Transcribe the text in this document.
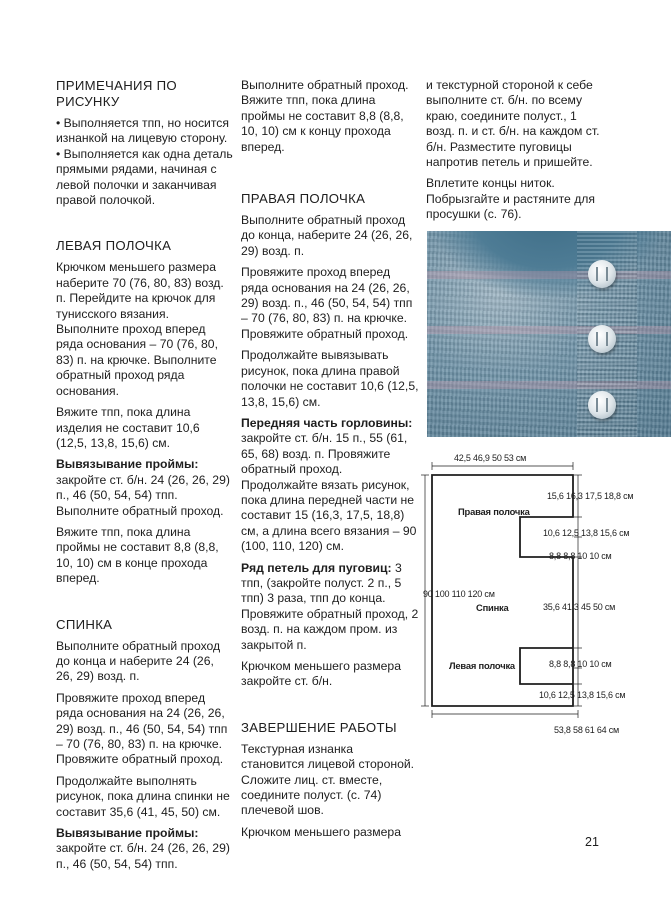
ПРИМЕЧАНИЯ ПО РИСУНКУ

• Выполняется тпп, но носится изнанкой на лицевую сторону.

• Выполняется как одна деталь прямыми рядами, начиная с левой полочки и заканчивая правой полочкой.

ЛЕВАЯ ПОЛОЧКА

Крючком меньшего размера наберите 70 (76, 80, 83) возд. п. Перейдите на крючок для тунисского вязания. Выполните проход вперед ряда основания – 70 (76, 80, 83) п. на крючке. Выполните обратный проход ряда основания.

Вяжите тпп, пока длина изделия не составит 10,6 (12,5, 13,8, 15,6) см.

Вывязывание проймы: закройте ст. б/н. 24 (26, 26, 29) п., 46 (50, 54, 54) тпп. Выполните обратный проход.

Вяжите тпп, пока длина проймы не составит 8,8 (8,8, 10, 10) см в конце прохода вперед.

СПИНКА

Выполните обратный проход до конца и наберите 24 (26, 26, 29) возд. п.

Провяжите проход вперед ряда основания на 24 (26, 26, 29) возд. п., 46 (50, 54, 54) тпп – 70 (76, 80, 83) п. на крючке. Провяжите обратный проход.

Продолжайте выполнять рисунок, пока длина спинки не составит 35,6 (41, 45, 50) см.

Вывязывание проймы: закройте ст. б/н. 24 (26, 26, 29) п., 46 (50, 54, 54) тпп.

Выполните обратный проход. Вяжите тпп, пока длина проймы не составит 8,8 (8,8, 10, 10) см к концу прохода вперед.

ПРАВАЯ ПОЛОЧКА

Выполните обратный проход до конца, наберите 24 (26, 26, 29) возд. п.

Провяжите проход вперед ряда основания на 24 (26, 26, 29) возд. п., 46 (50, 54, 54) тпп – 70 (76, 80, 83) п. на крючке. Провяжите обратный проход.

Продолжайте вывязывать рисунок, пока длина правой полочки не составит 10,6 (12,5, 13,8, 15,6) см.

Передняя часть горловины: закройте ст. б/н. 15 п., 55 (61, 65, 68) возд. п. Провяжите обратный проход. Продолжайте вязать рисунок, пока длина передней части не составит 15 (16,3, 17,5, 18,8) см, а длина всего вязания – 90 (100, 110, 120) см.

Ряд петель для пуговиц: 3 тпп, (закройте полуст. 2 п., 5 тпп) 3 раза, тпп до конца. Провяжите обратный проход, 2 возд. п. на каждом пром. из закрытой п.

Крючком меньшего размера закройте ст. б/н.

ЗАВЕРШЕНИЕ РАБОТЫ

Текстурная изнанка становится лицевой стороной. Сложите лиц. ст. вместе, соедините полуст. (с. 74) плечевой шов.

Крючком меньшего размера

и текстурной стороной к себе выполните ст. б/н. по всему краю, соедините полуст., 1 возд. п. и ст. б/н. на каждом ст. б/н. Разместите пуговицы напротив петель и пришейте.

Вплетите концы ниток. Побрызгайте и растяните для просушки (с. 76).

42,5 46,9 50 53 см
53,8 58 61 64 см
90 100 110 120 см
Правая полочка
Спинка
Левая полочка
15,6 16,3 17,5 18,8 см
10,6 12,5 13,8 15,6 см
8,8 8,8 10 10 см
35,6 41,3 45 50 см
8,8 8,8 10 10 см
10,6 12,5 13,8 15,6 см
21
